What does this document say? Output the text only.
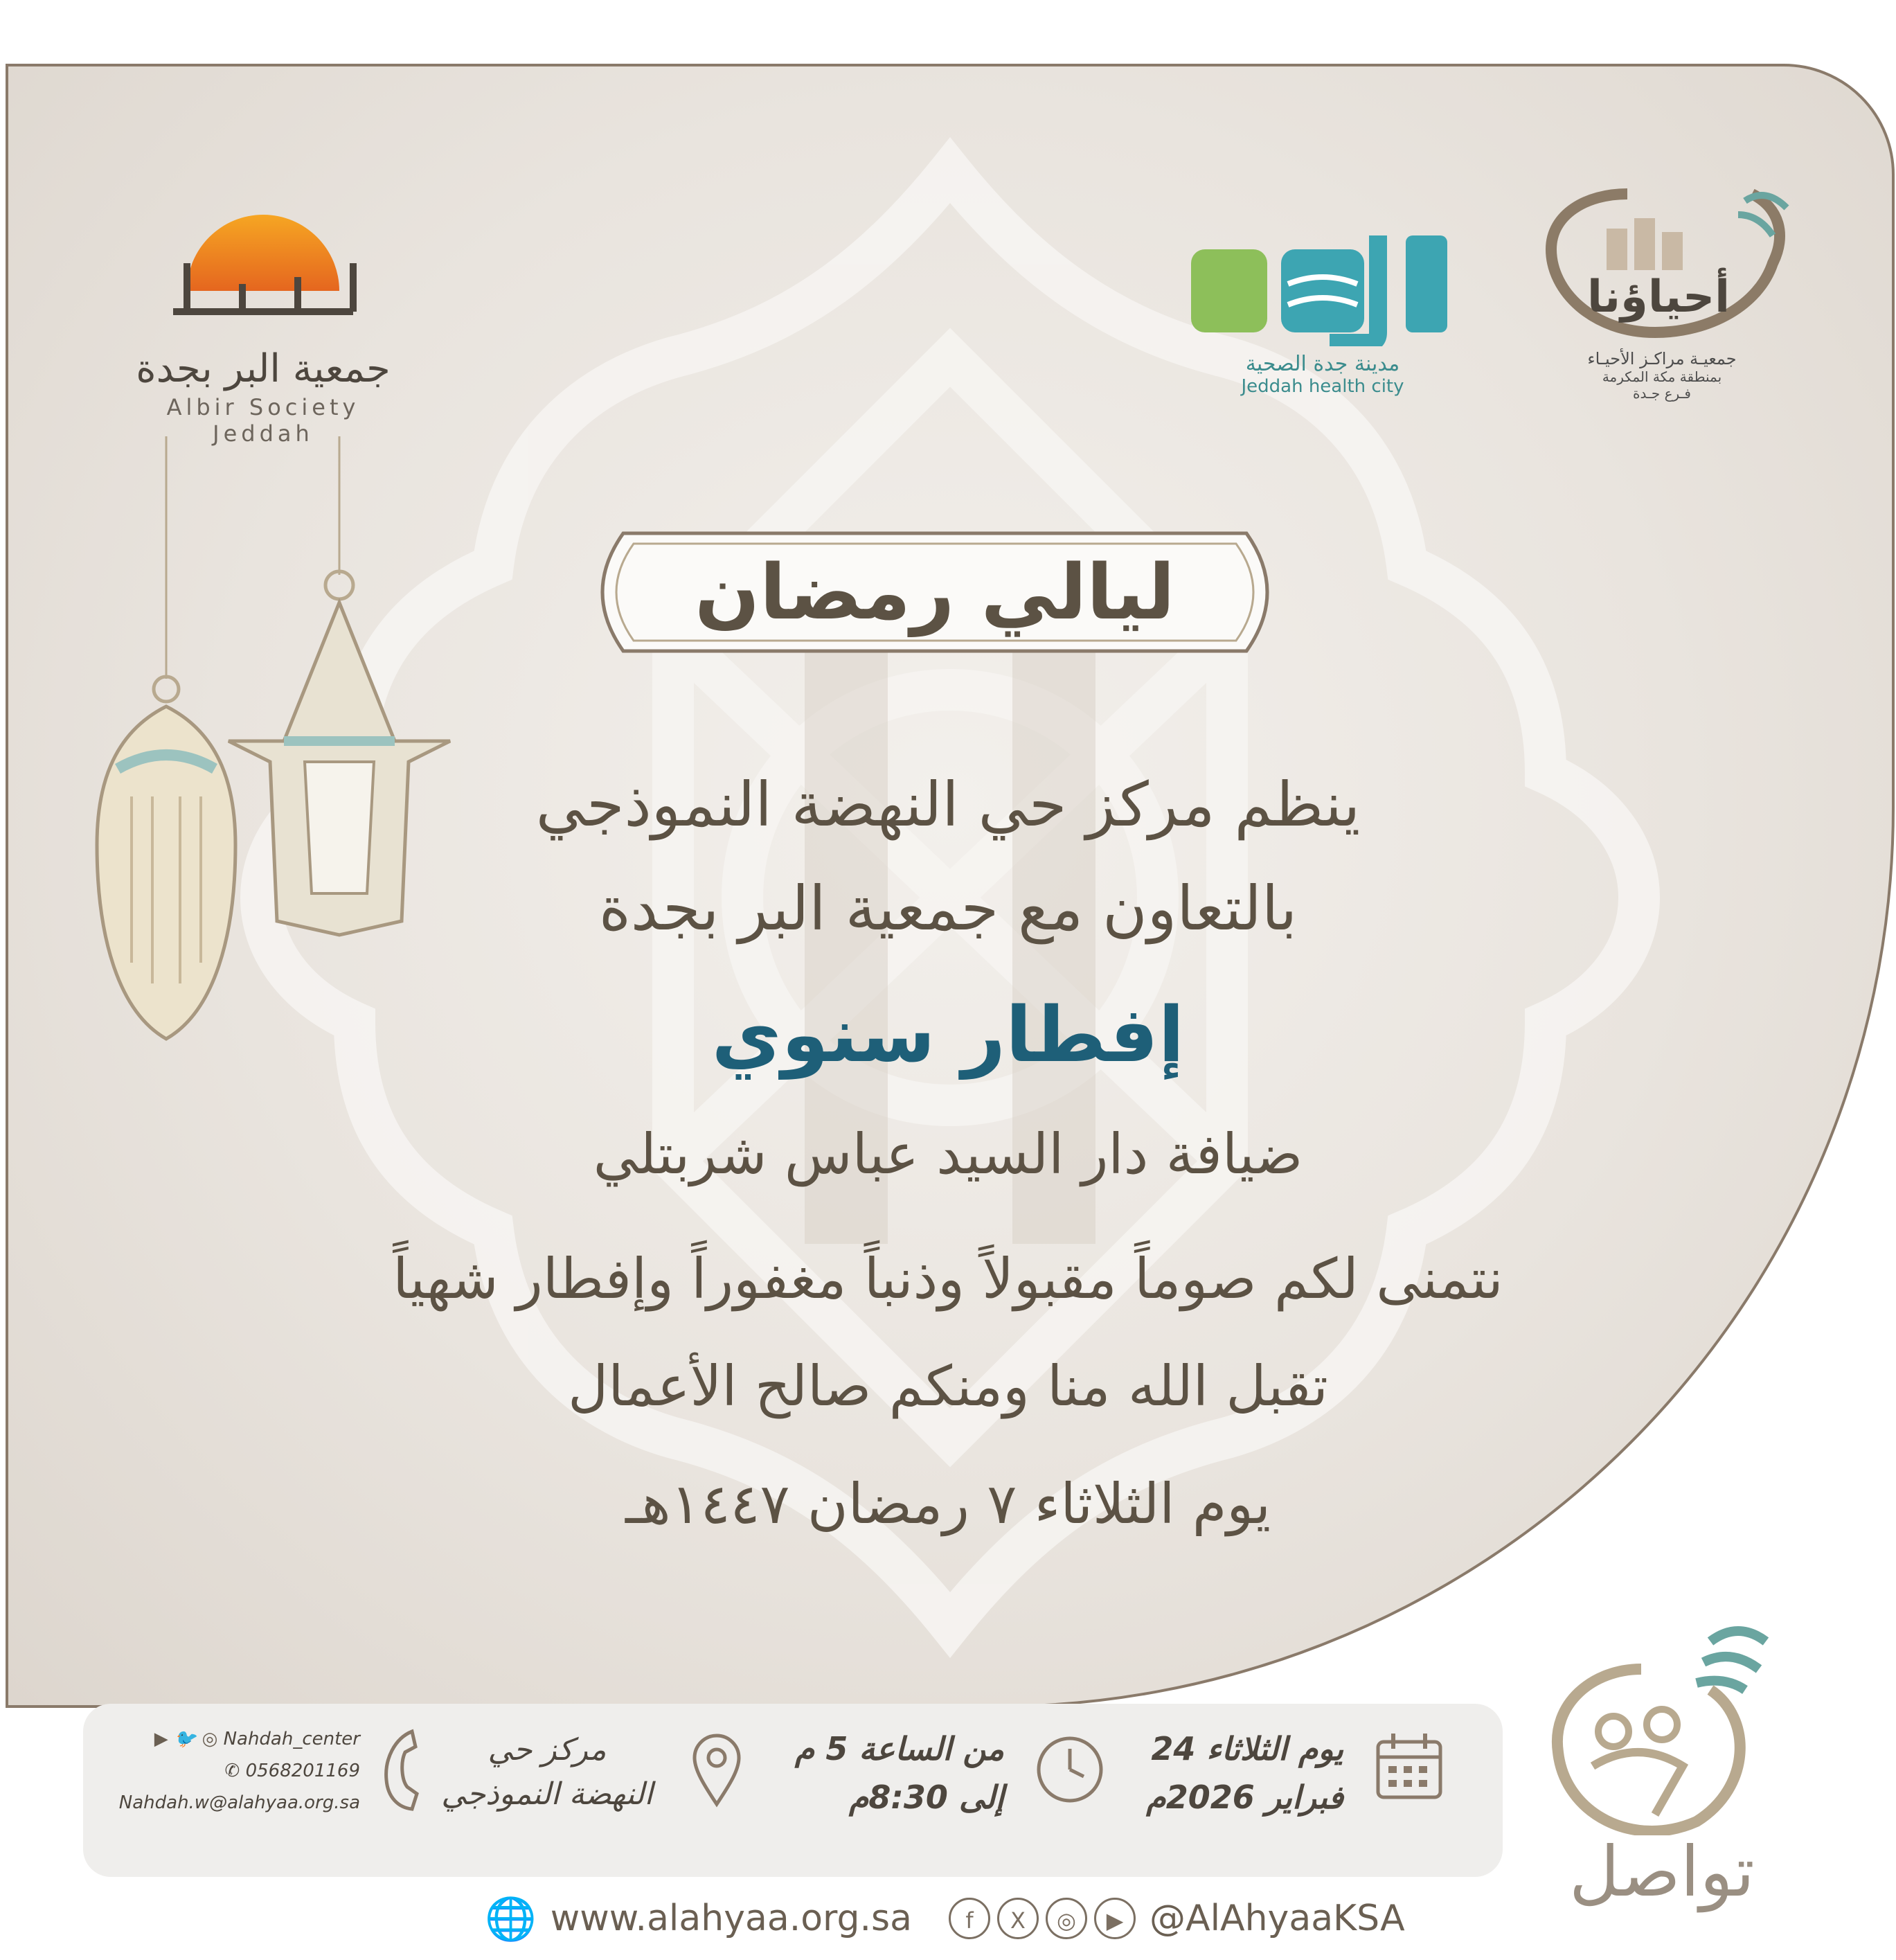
جمعية البر بجدة
Albir Society Jeddah
مدينة جدة الصحية
Jeddah health city
أحياؤنا
جمعيـة مراكـز الأحيـاء
بمنطقة مكة المكرمة
فـرع جـدة
ليالي رمضان
ينظم مركز حي النهضة النموذجي
بالتعاون مع جمعية البر بجدة
إفطار سنوي
ضيافة دار السيد عباس شربتلي
نتمنى لكم صوماً مقبولاً وذنباً مغفوراً وإفطار شهياً
تقبل الله منا ومنكم صالح الأعمال
يوم الثلاثاء ٧ رمضان ١٤٤٧هـ
يوم الثلاثاء 24
فبراير 2026م
من الساعة 5 م
إلى 8:30م
مركز حي
النهضة النموذجي
▶ 🐦 ◎ Nahdah_center
✆ 0568201169
Nahdah.w@alahyaa.org.sa
تواصل
🌐 www.alahyaa.org.sa	f	X	◎	▶ @AlAhyaaKSA
